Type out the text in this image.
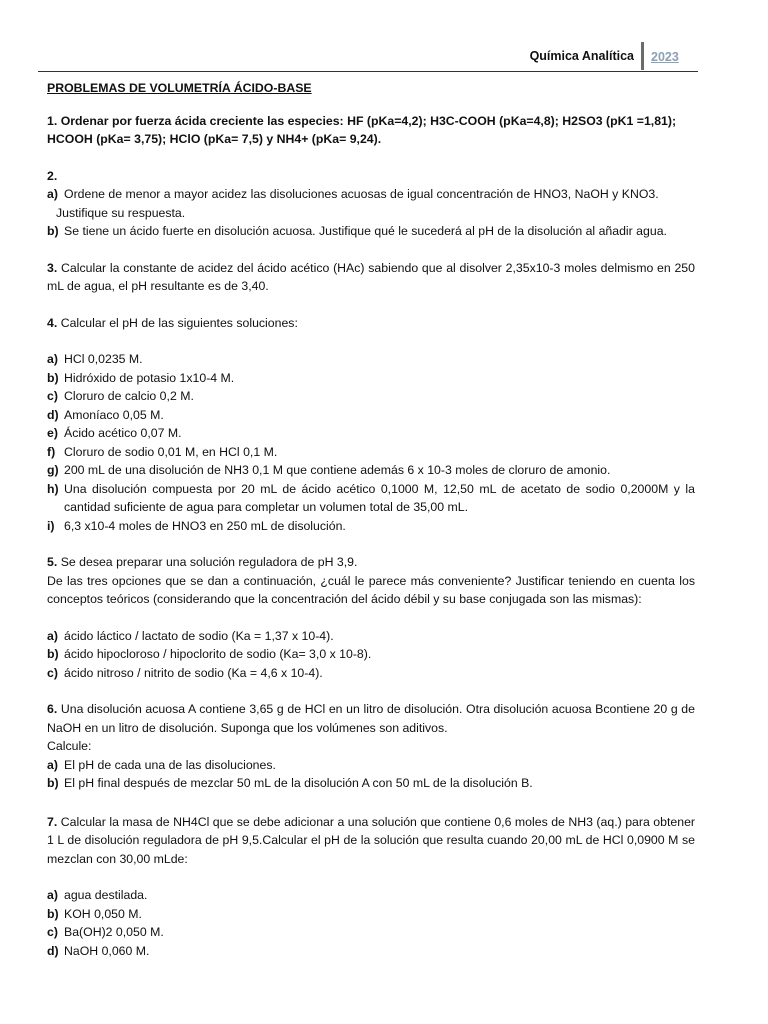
Química Analítica 2023

PROBLEMAS DE VOLUMETRÍA ÁCIDO-BASE

1. Ordenar por fuerza ácida creciente las especies: HF (pKa=4,2); H3C-COOH (pKa=4,8); H2SO3 (pK1 =1,81);

HCOOH (pKa= 3,75); HClO (pKa= 7,5) y NH4+ (pKa= 9,24).

2.

a) Ordene de menor a mayor acidez las disoluciones acuosas de igual concentración de HNO3, NaOH y KNO3.

Justifique su respuesta.

b) Se tiene un ácido fuerte en disolución acuosa. Justifique qué le sucederá al pH de la disolución al añadir agua.

3. Calcular la constante de acidez del ácido acético (HAc) sabiendo que al disolver 2,35x10-3 moles delmismo en 250 mL de agua, el pH resultante es de 3,40.

4. Calcular el pH de las siguientes soluciones:

a) HCl 0,0235 M.
b) Hidróxido de potasio 1x10-4 M.
c) Cloruro de calcio 0,2 M.
d) Amoníaco 0,05 M.
e) Ácido acético 0,07 M.
f) Cloruro de sodio 0,01 M, en HCl 0,1 M.
g) 200 mL de una disolución de NH3 0,1 M que contiene además 6 x 10-3 moles de cloruro de amonio.
h) Una disolución compuesta por 20 mL de ácido acético 0,1000 M, 12,50 mL de acetato de sodio 0,2000M y la cantidad suficiente de agua para completar un volumen total de 35,00 mL.
i) 6,3 x10-4 moles de HNO3 en 250 mL de disolución.

5. Se desea preparar una solución reguladora de pH 3,9.

De las tres opciones que se dan a continuación, ¿cuál le parece más conveniente? Justificar teniendo en cuenta los conceptos teóricos (considerando que la concentración del ácido débil y su base conjugada son las mismas):

a) ácido láctico / lactato de sodio (Ka = 1,37 x 10-4).
b) ácido hipocloroso / hipoclorito de sodio (Ka= 3,0 x 10-8).
c) ácido nitroso / nitrito de sodio (Ka = 4,6 x 10-4).

6. Una disolución acuosa A contiene 3,65 g de HCl en un litro de disolución. Otra disolución acuosa Bcontiene 20 g de NaOH en un litro de disolución. Suponga que los volúmenes son aditivos.

Calcule:

a) El pH de cada una de las disoluciones.
b) El pH final después de mezclar 50 mL de la disolución A con 50 mL de la disolución B.

7. Calcular la masa de NH4Cl que se debe adicionar a una solución que contiene 0,6 moles de NH3 (aq.) para obtener 1 L de disolución reguladora de pH 9,5.Calcular el pH de la solución que resulta cuando 20,00 mL de HCl 0,0900 M se mezclan con 30,00 mLde:

a) agua destilada.
b) KOH 0,050 M.
c) Ba(OH)2 0,050 M.
d) NaOH 0,060 M.
